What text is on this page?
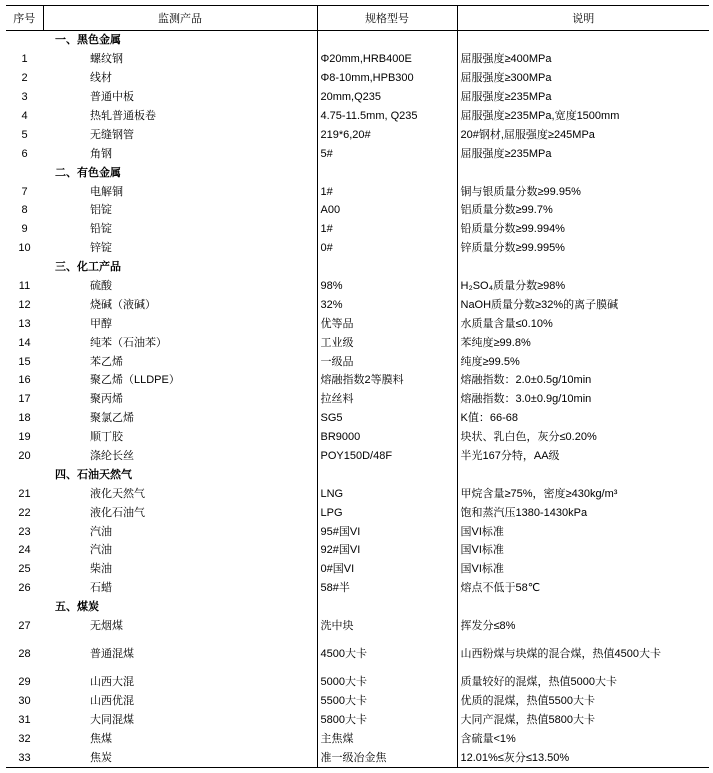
序号	监测产品	规格型号	说明
	一、黑色金属		
1	螺纹钢	Φ20mm,HRB400E	屈服强度≥400MPa
2	线材	Φ8-10mm,HPB300	屈服强度≥300MPa
3	普通中板	20mm,Q235	屈服强度≥235MPa
4	热轧普通板卷	4.75-11.5mm, Q235	屈服强度≥235MPa,宽度1500mm
5	无缝钢管	219*6,20#	20#钢材,屈服强度≥245MPa
6	角钢	5#	屈服强度≥235MPa
	二、有色金属		
7	电解铜	1#	铜与银质量分数≥99.95%
8	铝锭	A00	铝质量分数≥99.7%
9	铅锭	1#	铅质量分数≥99.994%
10	锌锭	0#	锌质量分数≥99.995%
	三、化工产品		
11	硫酸	98%	H₂SO₄质量分数≥98%
12	烧碱（液碱）	32%	NaOH质量分数≥32%的离子膜碱
13	甲醇	优等品	水质量含量≤0.10%
14	纯苯（石油苯）	工业级	苯纯度≥99.8%
15	苯乙烯	一级品	纯度≥99.5%
16	聚乙烯（LLDPE）	熔融指数2等膜料	熔融指数：2.0±0.5g/10min
17	聚丙烯	拉丝料	熔融指数：3.0±0.9g/10min
18	聚氯乙烯	SG5	K值：66-68
19	顺丁胶	BR9000	块状、乳白色，灰分≤0.20%
20	涤纶长丝	POY150D/48F	半光167分特，AA级
	四、石油天然气		
21	液化天然气	LNG	甲烷含量≥75%，密度≥430kg/m³
22	液化石油气	LPG	饱和蒸汽压1380-1430kPa
23	汽油	95#国VI	国VI标准
24	汽油	92#国VI	国VI标准
25	柴油	0#国VI	国VI标准
26	石蜡	58#半	熔点不低于58℃
	五、煤炭		
27	无烟煤	洗中块	挥发分≤8%
28	普通混煤	4500大卡	山西粉煤与块煤的混合煤，热值4500大卡
29	山西大混	5000大卡	质量较好的混煤，热值5000大卡
30	山西优混	5500大卡	优质的混煤，热值5500大卡
31	大同混煤	5800大卡	大同产混煤，热值5800大卡
32	焦煤	主焦煤	含硫量<1%
33	焦炭	准一级冶金焦	12.01%≤灰分≤13.50%
